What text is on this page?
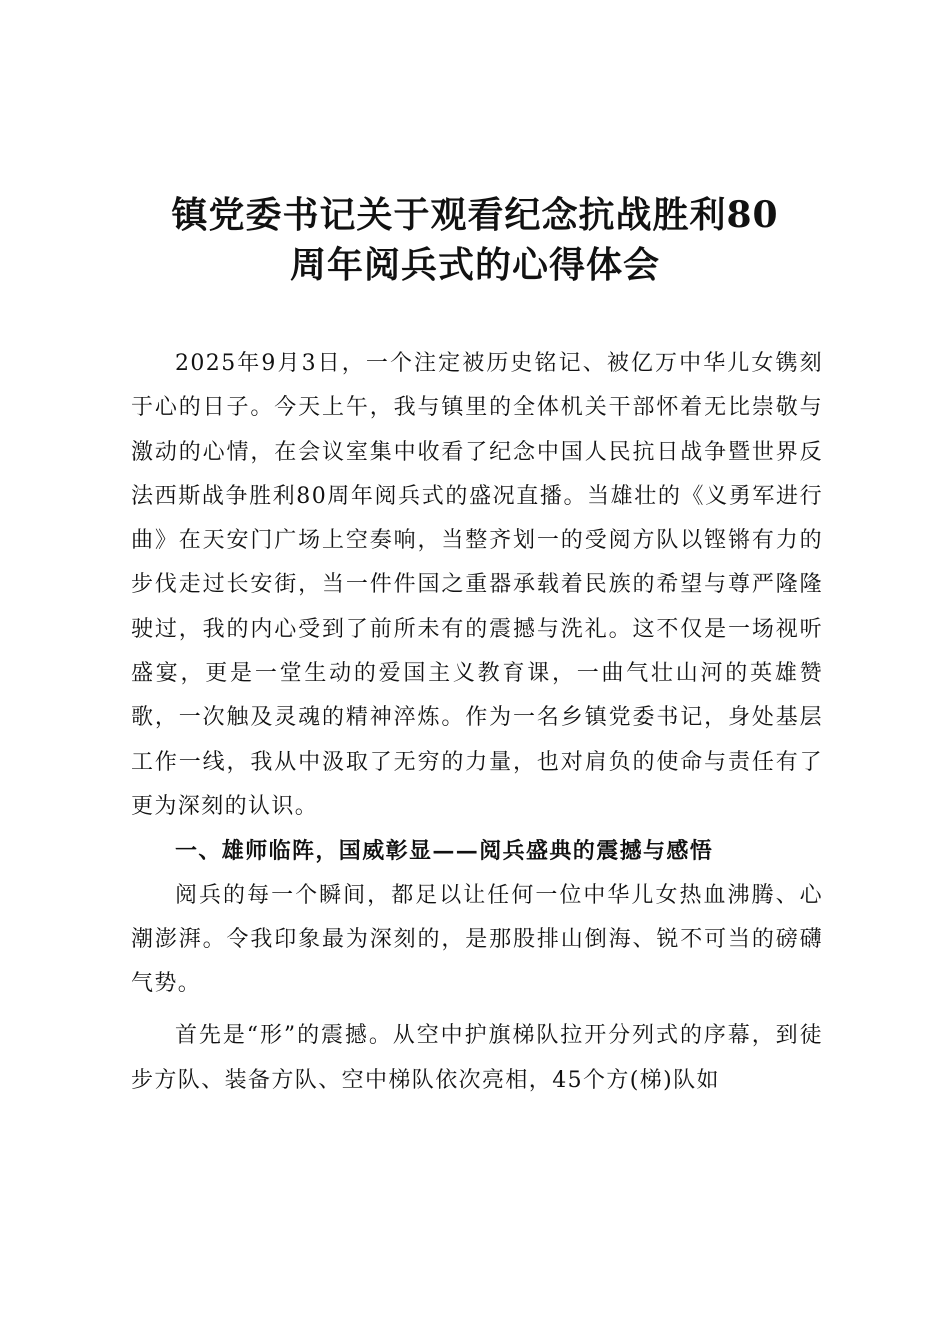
镇党委书记关于观看纪念抗战胜利80
周年阅兵式的心得体会

2025年9月3日，一个注定被历史铭记、被亿万中华儿女镌刻于心的日子。今天上午，我与镇里的全体机关干部怀着无比崇敬与激动的心情，在会议室集中收看了纪念中国人民抗日战争暨世界反法西斯战争胜利80周年阅兵式的盛况直播。当雄壮的《义勇军进行曲》在天安门广场上空奏响，当整齐划一的受阅方队以铿锵有力的步伐走过长安街，当一件件国之重器承载着民族的希望与尊严隆隆驶过，我的内心受到了前所未有的震撼与洗礼。这不仅是一场视听盛宴，更是一堂生动的爱国主义教育课，一曲气壮山河的英雄赞歌，一次触及灵魂的精神淬炼。作为一名乡镇党委书记，身处基层工作一线，我从中汲取了无穷的力量，也对肩负的使命与责任有了更为深刻的认识。

一、雄师临阵，国威彰显——阅兵盛典的震撼与感悟

阅兵的每一个瞬间，都足以让任何一位中华儿女热血沸腾、心潮澎湃。令我印象最为深刻的，是那股排山倒海、锐不可当的磅礴气势。

首先是“形”的震撼。从空中护旗梯队拉开分列式的序幕，到徒步方队、装备方队、空中梯队依次亮相，45个方(梯)队如
